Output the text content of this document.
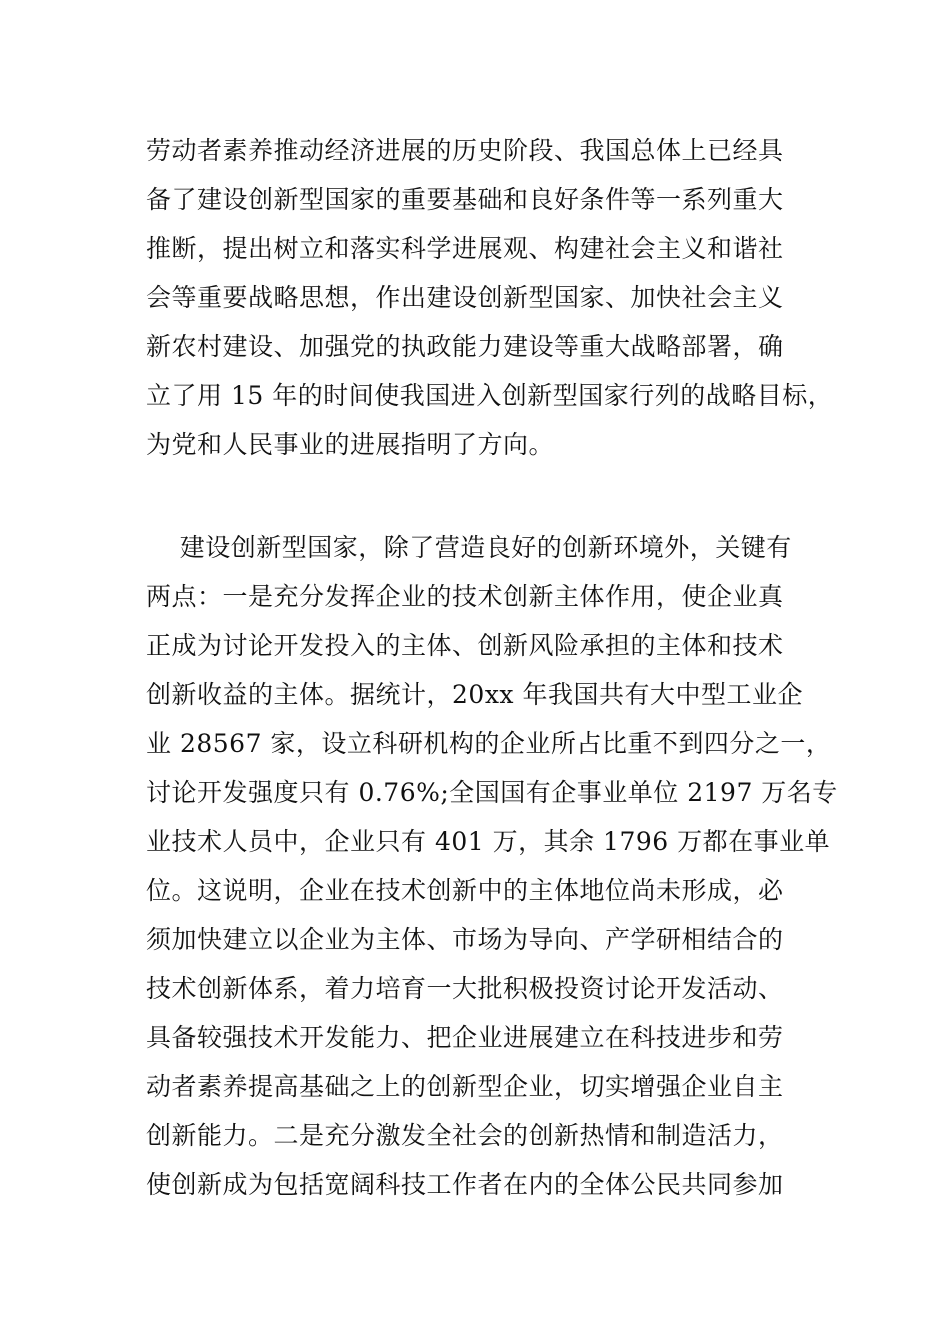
劳动者素养推动经济进展的历史阶段、我国总体上已经具
备了建设创新型国家的重要基础和良好条件等一系列重大
推断，提出树立和落实科学进展观、构建社会主义和谐社
会等重要战略思想，作出建设创新型国家、加快社会主义
新农村建设、加强党的执政能力建设等重大战略部署，确
立了用 15 年的时间使我国进入创新型国家行列的战略目标，
为党和人民事业的进展指明了方向。

建设创新型国家，除了营造良好的创新环境外，关键有
两点：一是充分发挥企业的技术创新主体作用，使企业真
正成为讨论开发投入的主体、创新风险承担的主体和技术
创新收益的主体。据统计，20xx 年我国共有大中型工业企
业 28567 家，设立科研机构的企业所占比重不到四分之一，
讨论开发强度只有 0.76%;全国国有企事业单位 2197 万名专
业技术人员中，企业只有 401 万，其余 1796 万都在事业单
位。这说明，企业在技术创新中的主体地位尚未形成，必
须加快建立以企业为主体、市场为导向、产学研相结合的
技术创新体系，着力培育一大批积极投资讨论开发活动、
具备较强技术开发能力、把企业进展建立在科技进步和劳
动者素养提高基础之上的创新型企业，切实增强企业自主
创新能力。二是充分激发全社会的创新热情和制造活力，
使创新成为包括宽阔科技工作者在内的全体公民共同参加
